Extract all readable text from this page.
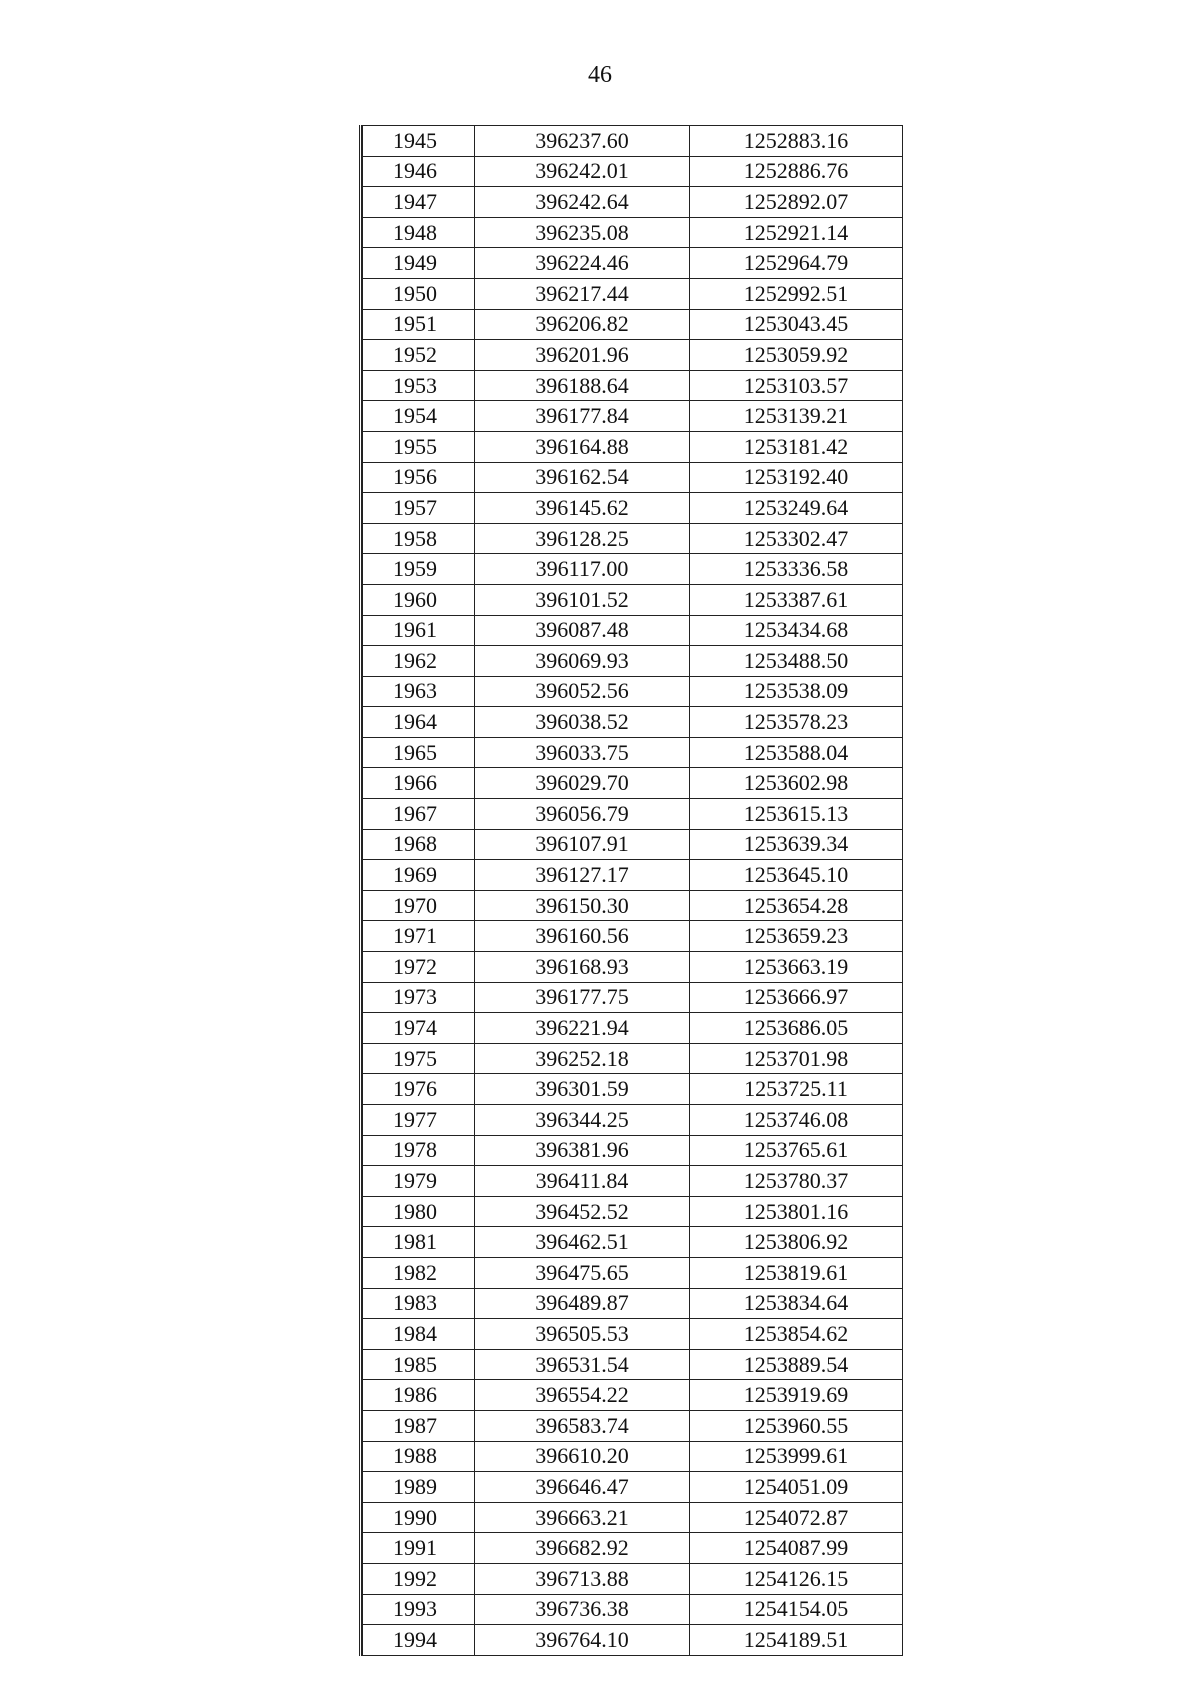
46
1945	396237.60	1252883.16
1946	396242.01	1252886.76
1947	396242.64	1252892.07
1948	396235.08	1252921.14
1949	396224.46	1252964.79
1950	396217.44	1252992.51
1951	396206.82	1253043.45
1952	396201.96	1253059.92
1953	396188.64	1253103.57
1954	396177.84	1253139.21
1955	396164.88	1253181.42
1956	396162.54	1253192.40
1957	396145.62	1253249.64
1958	396128.25	1253302.47
1959	396117.00	1253336.58
1960	396101.52	1253387.61
1961	396087.48	1253434.68
1962	396069.93	1253488.50
1963	396052.56	1253538.09
1964	396038.52	1253578.23
1965	396033.75	1253588.04
1966	396029.70	1253602.98
1967	396056.79	1253615.13
1968	396107.91	1253639.34
1969	396127.17	1253645.10
1970	396150.30	1253654.28
1971	396160.56	1253659.23
1972	396168.93	1253663.19
1973	396177.75	1253666.97
1974	396221.94	1253686.05
1975	396252.18	1253701.98
1976	396301.59	1253725.11
1977	396344.25	1253746.08
1978	396381.96	1253765.61
1979	396411.84	1253780.37
1980	396452.52	1253801.16
1981	396462.51	1253806.92
1982	396475.65	1253819.61
1983	396489.87	1253834.64
1984	396505.53	1253854.62
1985	396531.54	1253889.54
1986	396554.22	1253919.69
1987	396583.74	1253960.55
1988	396610.20	1253999.61
1989	396646.47	1254051.09
1990	396663.21	1254072.87
1991	396682.92	1254087.99
1992	396713.88	1254126.15
1993	396736.38	1254154.05
1994	396764.10	1254189.51
